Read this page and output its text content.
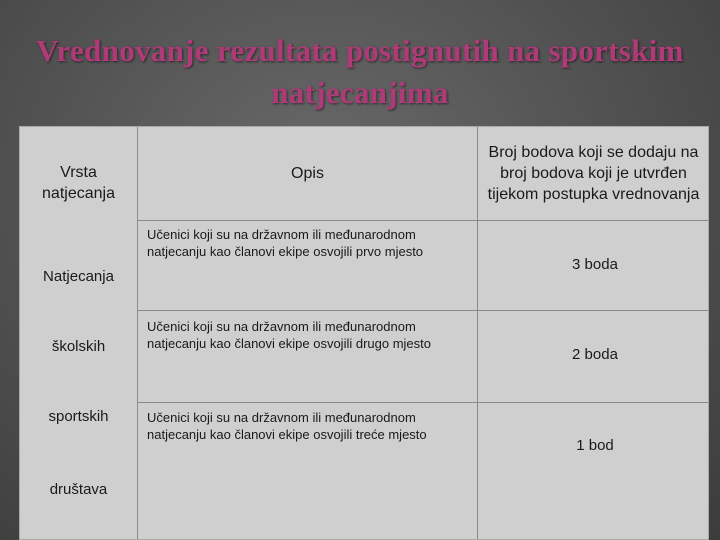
Vrednovanje rezultata postignutih na sportskim natjecanjima
Vrsta natjecanja
Opis
Broj bodova koji se dodaju na broj bodova koji je utvrđen tijekom postupka vrednovanja
Natjecanja
školskih
sportskih
društava
Učenici koji su na državnom ili međunarodnom natjecanju kao članovi ekipe osvojili prvo mjesto
3 boda
Učenici koji su na državnom ili međunarodnom natjecanju kao članovi ekipe osvojili drugo mjesto
2 boda
Učenici koji su na državnom ili međunarodnom natjecanju kao članovi ekipe osvojili treće mjesto
1 bod
